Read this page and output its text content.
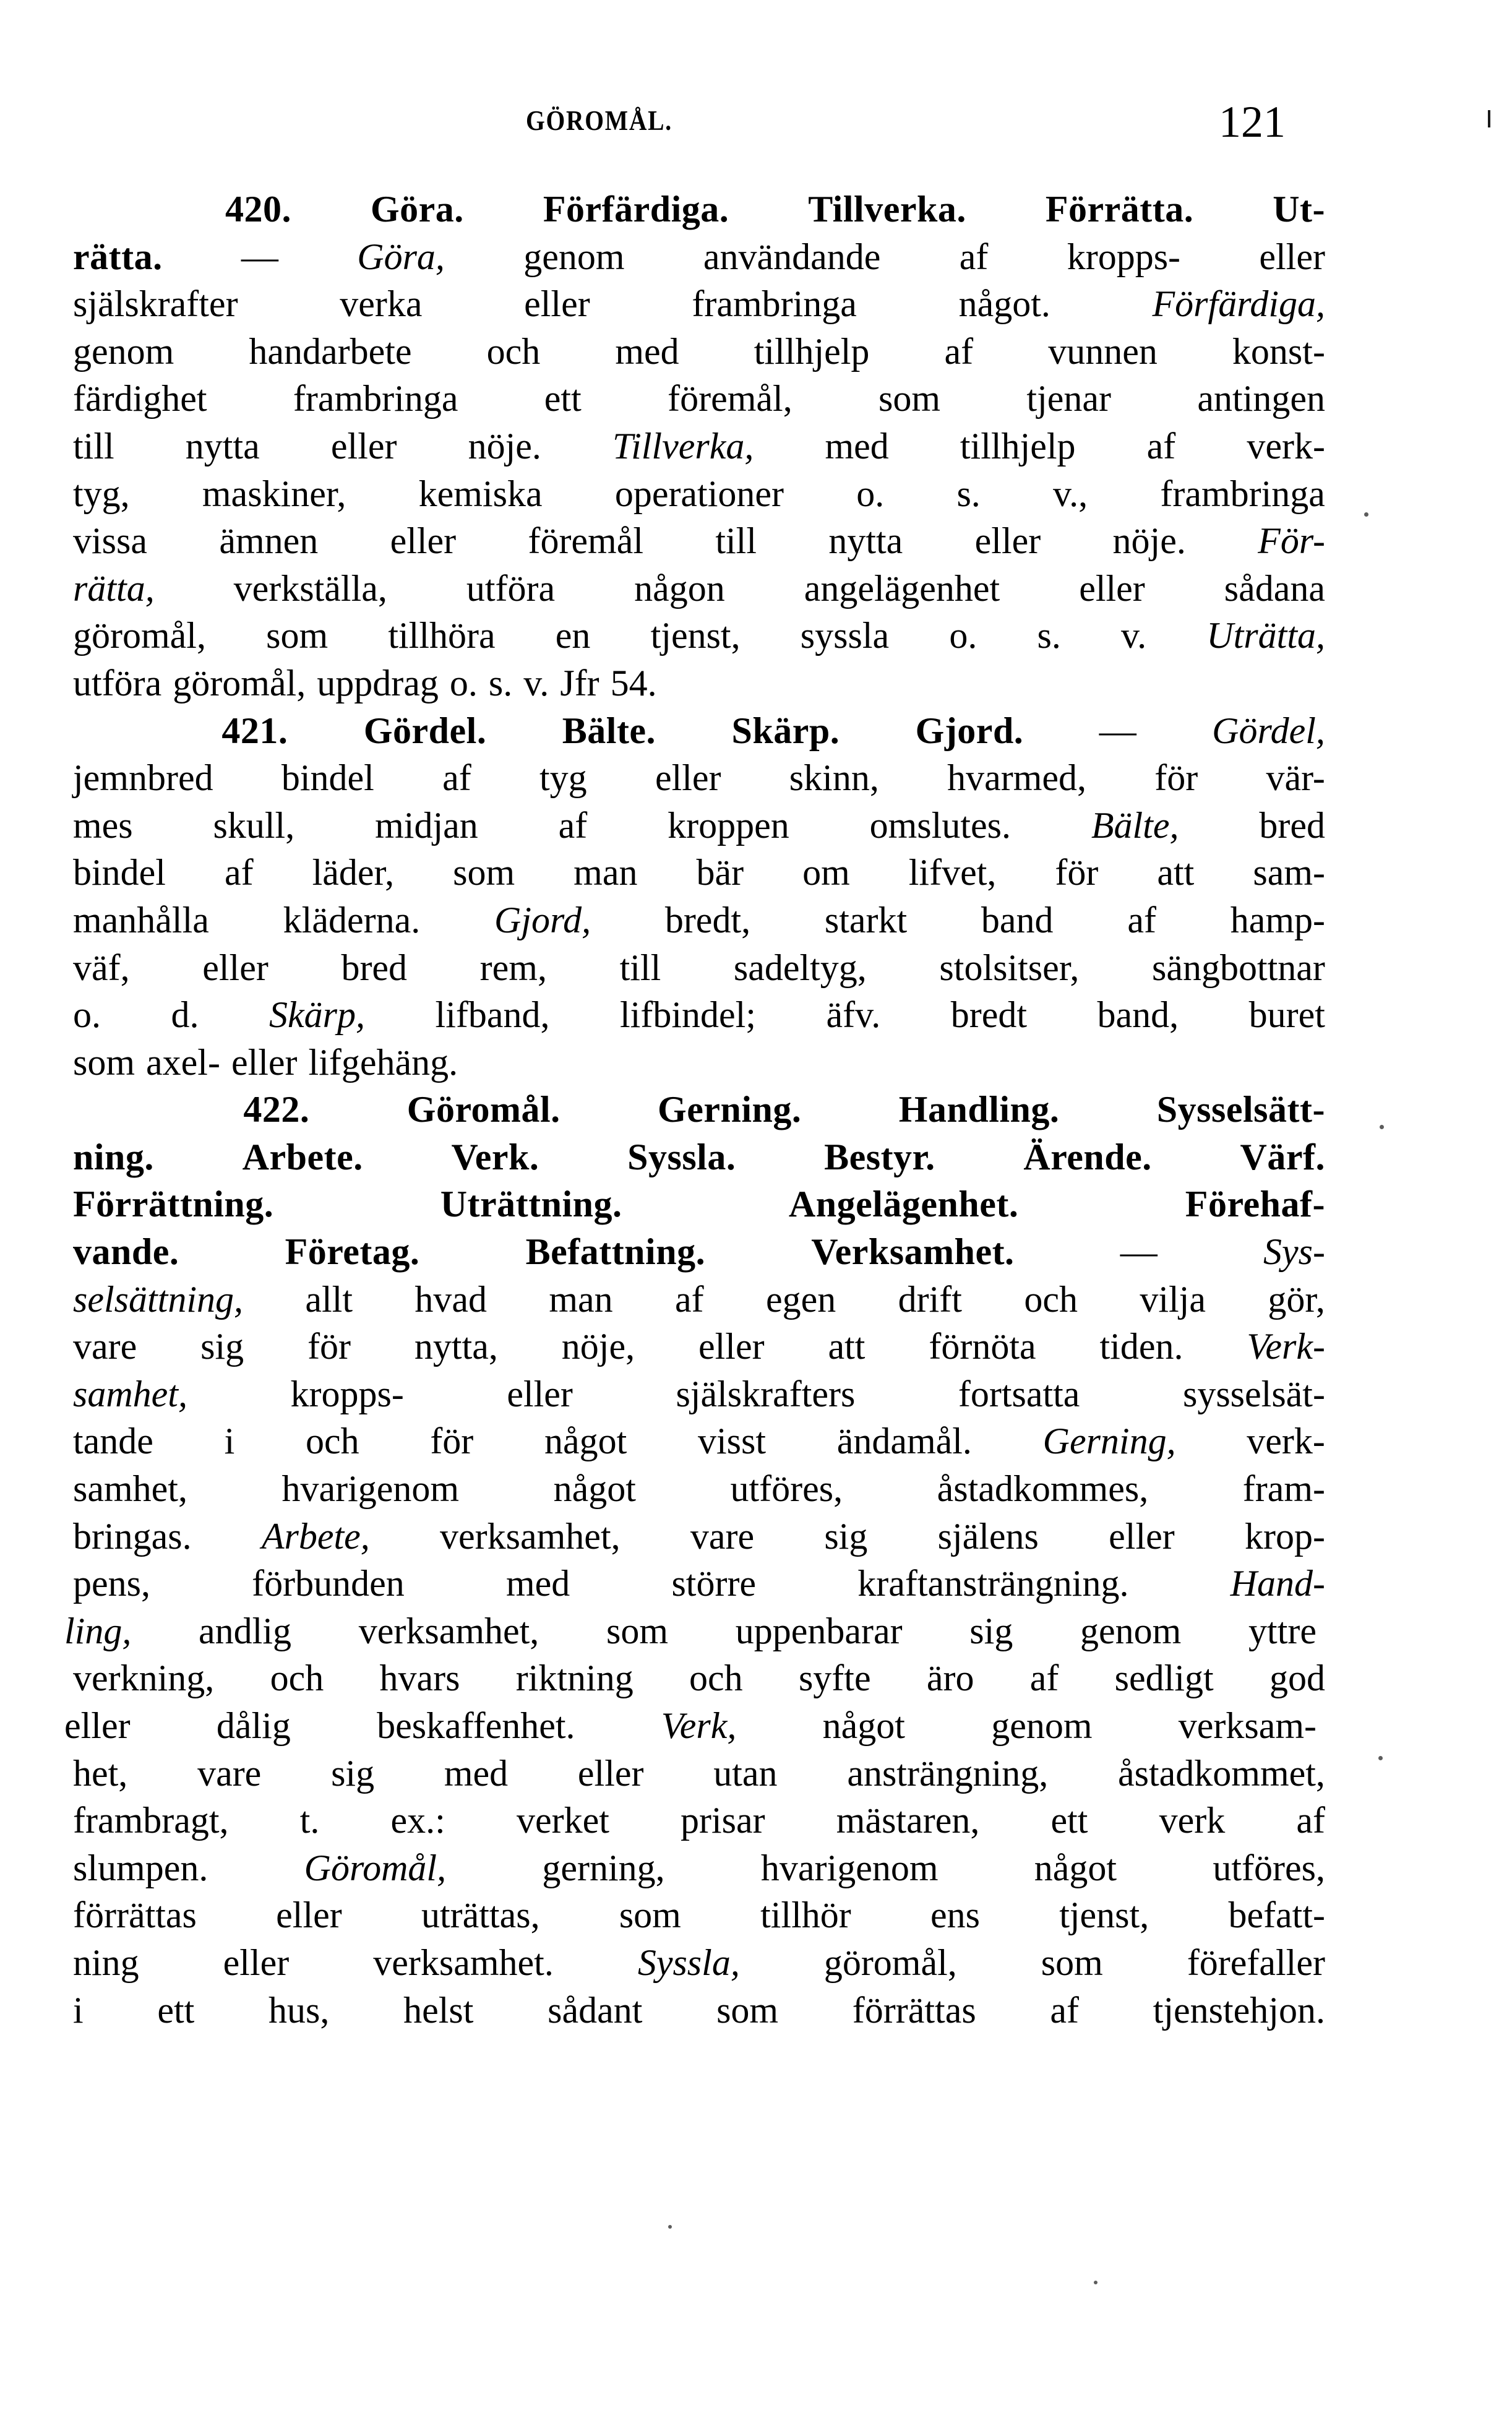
GÖROMÅL.	121
420. Göra. Förfärdiga. Tillverka. Förrätta. Ut-
rätta. — Göra, genom användande af kropps- eller
själskrafter	verka	eller	frambringa	något.	Förfärdiga,
genom handarbete och med tillhjelp af vunnen konst-
färdighet frambringa ett föremål, som tjenar antingen
till nytta eller nöje. Tillverka, med tillhjelp af verk-
tyg, maskiner, kemiska operationer o. s. v., frambringa
vissa ämnen eller föremål till nytta eller nöje. För-
rätta, verkställa, utföra någon angelägenhet eller sådana
göromål, som tillhöra en tjenst, syssla o. s. v. Uträtta,
utföra göromål, uppdrag o. s. v. Jfr 54.
421. Gördel. Bälte. Skärp. Gjord. — Gördel,
jemnbred bindel af tyg eller skinn, hvarmed, för vär-
mes skull, midjan af kroppen omslutes. Bälte, bred
bindel af läder, som man bär om lifvet, för att sam-
manhålla kläderna. Gjord, bredt, starkt band af hamp-
väf, eller bred rem, till sadeltyg, stolsitser, sängbottnar
o. d. Skärp, lifband, lifbindel; äfv. bredt band, buret
som axel- eller lifgehäng.
422.	Göromål.	Gerning.	Handling.	Sysselsätt-
ning. Arbete. Verk. Syssla. Bestyr. Ärende. Värf.
Förrättning.	Uträttning.	Angelägenhet.	Förehaf-
vande.	Företag.	Befattning.	Verksamhet.	—	Sys-
selsättning, allt hvad man af egen drift och vilja gör,
vare sig för nytta, nöje, eller att förnöta tiden. Verk-
samhet,	kropps-	eller	själskrafters	fortsatta	sysselsät-
tande i och för något visst ändamål. Gerning, verk-
samhet,	hvarigenom	något	utföres,	åstadkommes,	fram-
bringas. Arbete, verksamhet, vare sig själens eller krop-
pens,	förbunden	med	större	kraftansträngning.	Hand-
ling, andlig verksamhet, som uppenbarar sig genom yttre
verkning, och hvars riktning och syfte äro af sedligt god
eller dålig beskaffenhet. Verk, något genom verksam-
het, vare sig med eller utan ansträngning, åstadkommet,
frambragt, t. ex.: verket prisar mästaren, ett verk af
slumpen.	Göromål,	gerning,	hvarigenom	något	utföres,
förrättas eller uträttas, som tillhör ens tjenst, befatt-
ning eller verksamhet. Syssla, göromål, som förefaller
i ett hus, helst sådant som förrättas af tjenstehjon.
